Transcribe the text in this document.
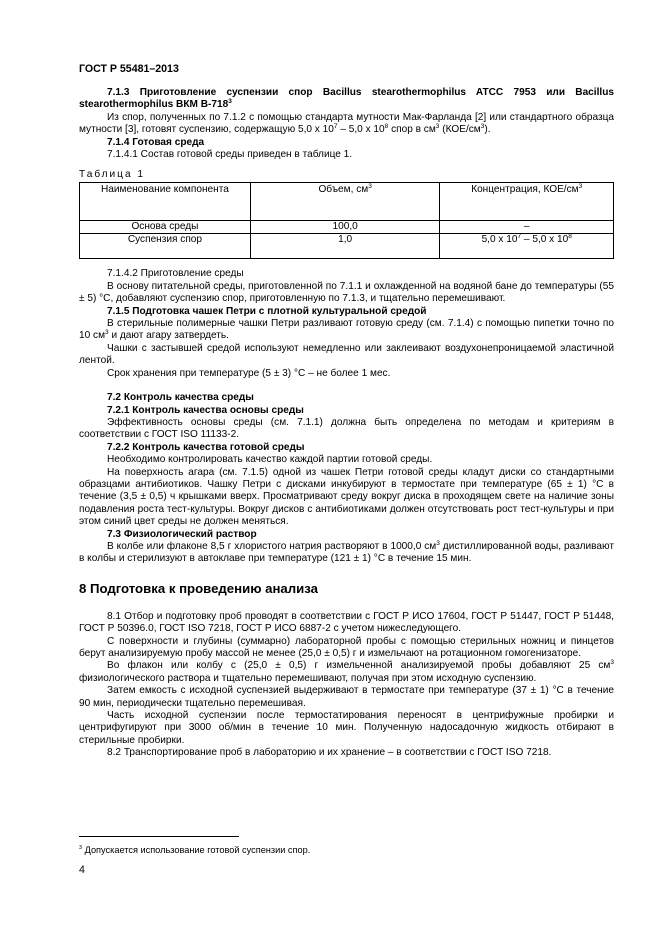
ГОСТ Р 55481–2013

7.1.3 Приготовление суспензии спор Bacillus stearothermophilus ATCC 7953 или Bacillus stearothermophilus ВКМ $В-718^3$

Из спор, полученных по 7.1.2 с помощью стандарта мутности Мак-Фарланда [2] или стандартного образца мутности [3], готовят суспензию, содержащую 5,0 х $10^7 - 5,0$ х $10^8$ спор в $см^3$ $(КОЕ/см^3)$.

7.1.4 Готовая среда

7.1.4.1 Состав готовой среды приведен в таблице 1.

Таблица 1
Наименование компонента	Объем, $см^3$	Концентрация, КОЕ/$см^3$
Основа среды	100,0	–
Суспензия спор	1,0	5,0 х $10^7 - 5,0$ х $10^8$

7.1.4.2 Приготовление среды

В основу питательной среды, приготовленной по 7.1.1 и охлажденной на водяной бане до температуры (55 ± 5) °С, добавляют суспензию спор, приготовленную по 7.1.3, и тщательно перемешивают.

7.1.5 Подготовка чашек Петри с плотной культуральной средой

В стерильные полимерные чашки Петри разливают готовую среду (см. 7.1.4) с помощью пипетки точно по 10 $см^3$ и дают агару затвердеть.

Чашки с застывшей средой используют немедленно или заклеивают воздухонепроницаемой эластичной лентой.

Срок хранения при температуре (5 ± 3) °С – не более 1 мес.

7.2 Контроль качества среды

7.2.1 Контроль качества основы среды

Эффективность основы среды (см. 7.1.1) должна быть определена по методам и критериям в соответствии с ГОСТ ISO 11133-2.

7.2.2 Контроль качества готовой среды

Необходимо контролировать качество каждой партии готовой среды.

На поверхность агара (см. 7.1.5) одной из чашек Петри готовой среды кладут диски со стандартными образцами антибиотиков. Чашку Петри с дисками инкубируют в термостате при температуре (65 ± 1) °С в течение (3,5 ± 0,5) ч крышками вверх. Просматривают среду вокруг диска в проходящем свете на наличие зоны подавления роста тест-культуры. Вокруг дисков с антибиотиками должен отсутствовать рост тест-культуры и при этом синий цвет среды не должен меняться.

7.3 Физиологический раствор

В колбе или флаконе 8,5 г хлористого натрия растворяют в 1000,0 $см^3$ дистиллированной воды, разливают в колбы и стерилизуют в автоклаве при температуре (121 ± 1) °С в течение 15 мин.

8 Подготовка к проведению анализа

8.1 Отбор и подготовку проб проводят в соответствии с ГОСТ Р ИСО 17604, ГОСТ Р 51447, ГОСТ Р 51448, ГОСТ Р 50396.0, ГОСТ ISO 7218, ГОСТ Р ИСО 6887-2 с учетом нижеследующего.

С поверхности и глубины (суммарно) лабораторной пробы с помощью стерильных ножниц и пинцетов берут анализируемую пробу массой не менее (25,0 ± 0,5) г и измельчают на ротационном гомогенизаторе.

Во флакон или колбу с (25,0 ± 0,5) г измельченной анализируемой пробы добавляют 25 $см^3$ физиологического раствора и тщательно перемешивают, получая при этом исходную суспензию.

Затем емкость с исходной суспензией выдерживают в термостате при температуре (37 ± 1) °С в течение 90 мин, периодически тщательно перемешивая.

Часть исходной суспензии после термостатирования переносят в центрифужные пробирки и центрифугируют при 3000 об/мин в течение 10 мин. Полученную надосадочную жидкость отбирают в стерильные пробирки.

8.2 Транспортирование проб в лабораторию и их хранение – в соответствии с ГОСТ ISO 7218.

$^3$ Допускается использование готовой суспензии спор.
4
